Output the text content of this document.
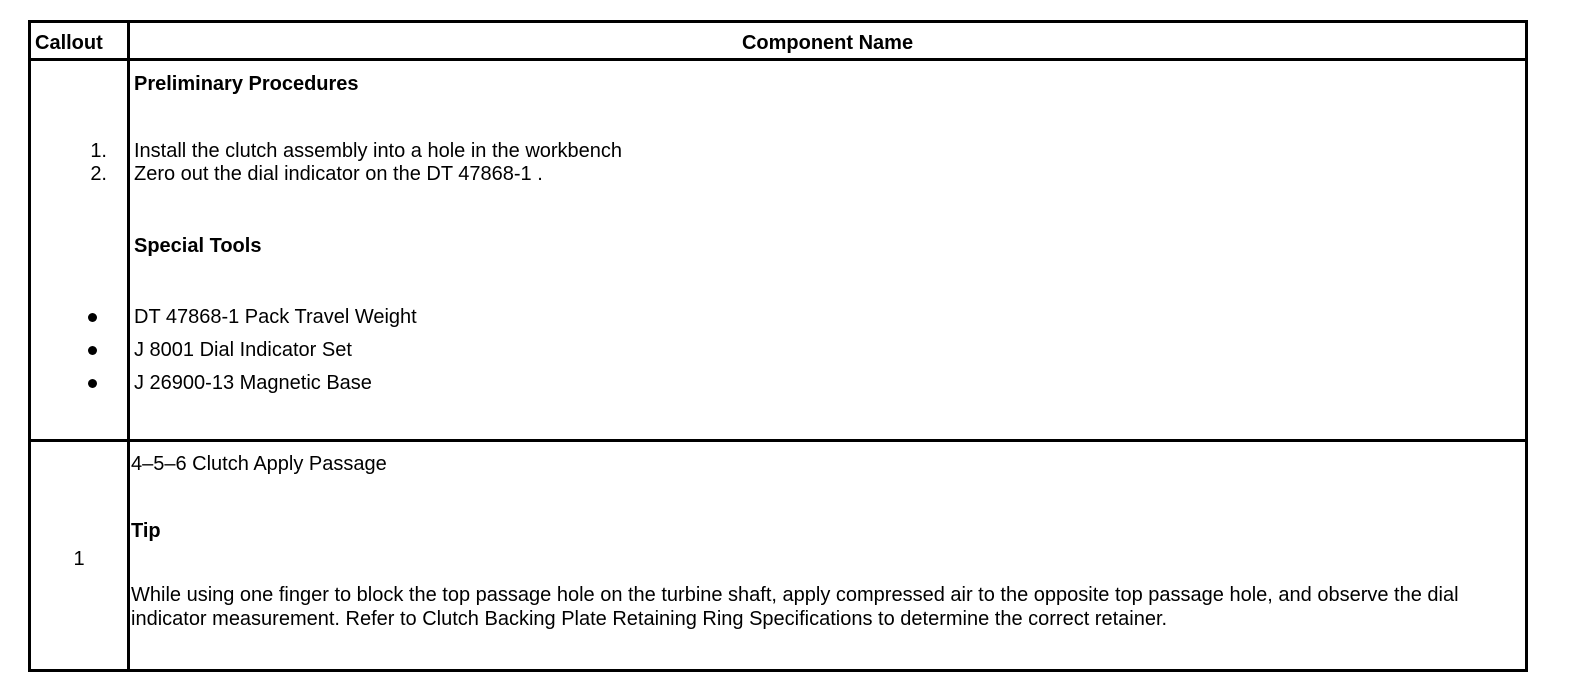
Callout	Component Name
Preliminary Procedures
1. Install the clutch assembly into a hole in the workbench
2. Zero out the dial indicator on the DT 47868-1 .
Special Tools
DT 47868-1 Pack Travel Weight
J 8001 Dial Indicator Set
J 26900-13 Magnetic Base
1
4–5–6 Clutch Apply Passage
Tip
While using one finger to block the top passage hole on the turbine shaft, apply compressed air to the opposite top passage hole, and observe the dial indicator measurement. Refer to Clutch Backing Plate Retaining Ring Specifications to determine the correct retainer.
